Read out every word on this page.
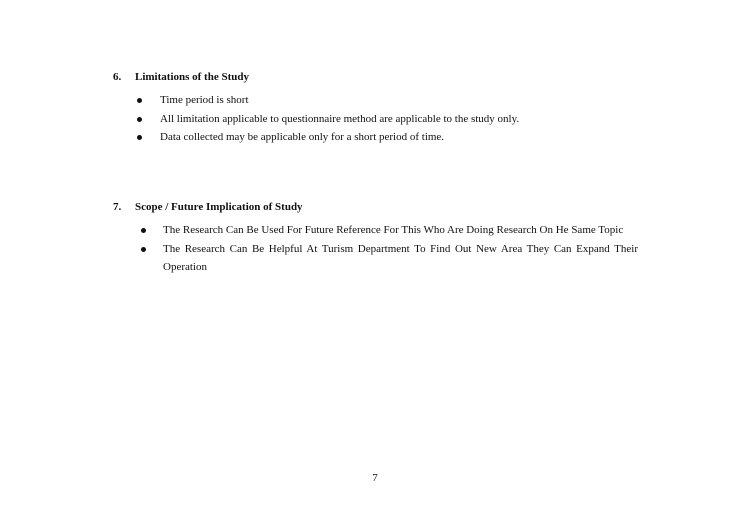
6.	Limitations of the Study
Time period is short
All limitation applicable to questionnaire method are applicable to the study only.
Data collected may be applicable only for a short period of time.
7.	Scope / Future Implication of Study
The Research Can Be Used For Future Reference For This Who Are Doing Research On He Same Topic
The Research Can Be Helpful At Turism Department To Find Out New Area They Can Expand Their Operation
7
